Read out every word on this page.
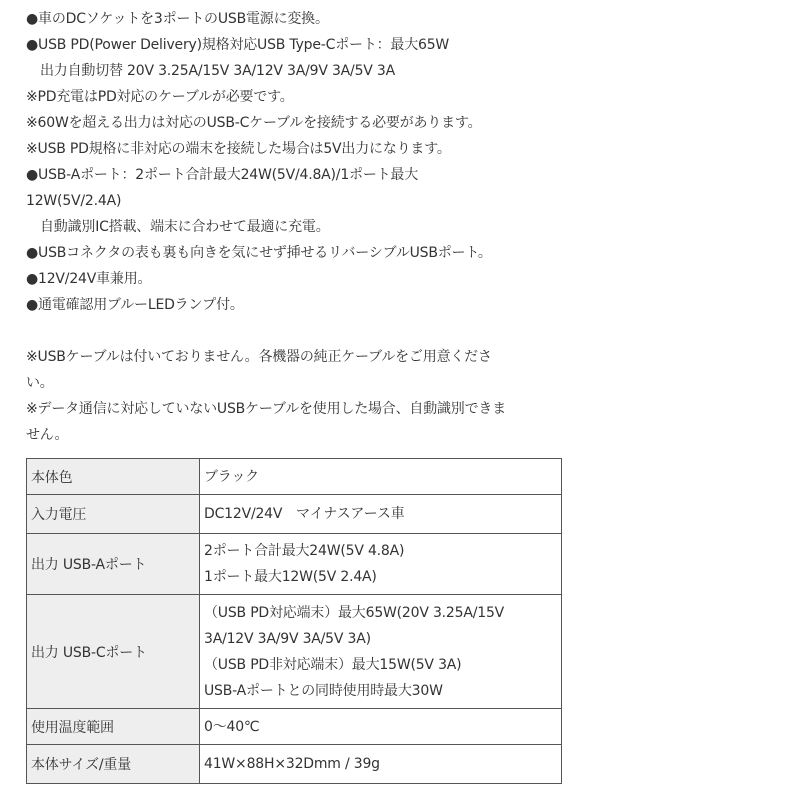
●車のDCソケットを3ポートのUSB電源に変換。
●USB PD(Power Delivery)規格対応USB Type-Cポート：最大65W
出力自動切替 20V 3.25A/15V 3A/12V 3A/9V 3A/5V 3A
※PD充電はPD対応のケーブルが必要です。
※60Wを超える出力は対応のUSB-Cケーブルを接続する必要があります。
※USB PD規格に非対応の端末を接続した場合は5V出力になります。
●USB-Aポート：2ポート合計最大24W(5V/4.8A)/1ポート最大
12W(5V/2.4A)
自動識別IC搭載、端末に合わせて最適に充電。
●USBコネクタの表も裏も向きを気にせず挿せるリバーシブルUSBポート。
●12V/24V車兼用。
●通電確認用ブルーLEDランプ付。
※USBケーブルは付いておりません。各機器の純正ケーブルをご用意くださ
い。
※データ通信に対応していないUSBケーブルを使用した場合、自動識別できま
せん。
本体色	ブラック

入力電圧	DC12V/24V　マイナスアース車

出力 USB-Aポート	2ポート合計最大24W(5V 4.8A)
1ポート最大12W(5V 2.4A)

出力 USB-Cポート	（USB PD対応端末）最大65W(20V 3.25A/15V
3A/12V 3A/9V 3A/5V 3A)
（USB PD非対応端末）最大15W(5V 3A)
USB-Aポートとの同時使用時最大30W

使用温度範囲	0～40℃

本体サイズ/重量	41W×88H×32Dmm / 39g
